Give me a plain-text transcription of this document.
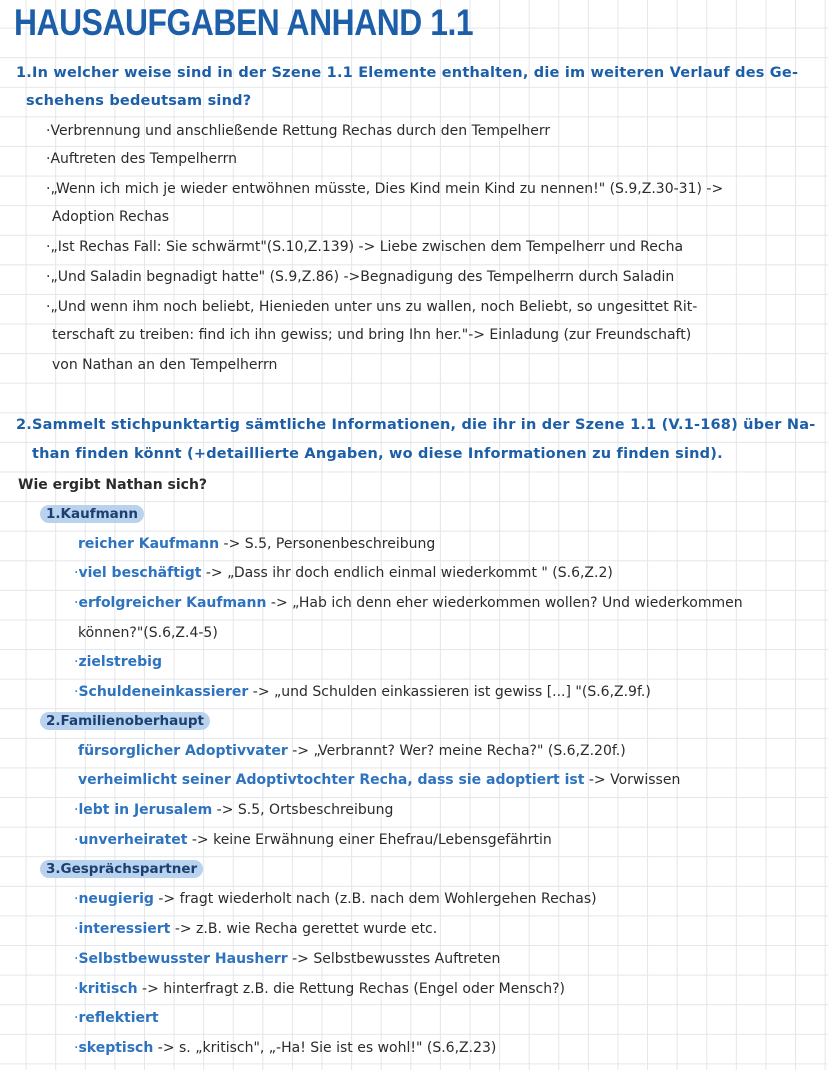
HAUSAUFGABEN ANHAND 1.1
1.In welcher weise sind in der Szene 1.1 Elemente enthalten, die im weiteren Verlauf des Ge-
schehens bedeutsam sind?
·Verbrennung und anschließende Rettung Rechas durch den Tempelherr
·Auftreten des Tempelherrn
·„Wenn ich mich je wieder entwöhnen müsste, Dies Kind mein Kind zu nennen!" (S.9,Z.30-31) ->
Adoption Rechas
·„Ist Rechas Fall: Sie schwärmt"(S.10,Z.139) -> Liebe zwischen dem Tempelherr und Recha
·„Und Saladin begnadigt hatte" (S.9,Z.86) ->Begnadigung des Tempelherrn durch Saladin
·„Und wenn ihm noch beliebt, Hienieden unter uns zu wallen, noch Beliebt, so ungesittet Rit-
terschaft zu treiben: find ich ihn gewiss; und bring Ihn her."-> Einladung (zur Freundschaft)
von Nathan an den Tempelherrn
2.Sammelt stichpunktartig sämtliche Informationen, die ihr in der Szene 1.1 (V.1-168) über Na-
than finden könnt (+detaillierte Angaben, wo diese Informationen zu finden sind).
Wie ergibt Nathan sich?
1.Kaufmann
reicher Kaufmann -> S.5, Personenbeschreibung
·viel beschäftigt -> „Dass ihr doch endlich einmal wiederkommt " (S.6,Z.2)
·erfolgreicher Kaufmann -> „Hab ich denn eher wiederkommen wollen? Und wiederkommen
können?"(S.6,Z.4-5)
·zielstrebig
·Schuldeneinkassierer -> „und Schulden einkassieren ist gewiss [...] "(S.6,Z.9f.)
2.Familienoberhaupt
fürsorglicher Adoptivvater -> „Verbrannt? Wer? meine Recha?" (S.6,Z.20f.)
verheimlicht seiner Adoptivtochter Recha, dass sie adoptiert ist -> Vorwissen
·lebt in Jerusalem -> S.5, Ortsbeschreibung
·unverheiratet -> keine Erwähnung einer Ehefrau/Lebensgefährtin
3.Gesprächspartner
·neugierig -> fragt wiederholt nach (z.B. nach dem Wohlergehen Rechas)
·interessiert -> z.B. wie Recha gerettet wurde etc.
·Selbstbewusster Hausherr -> Selbstbewusstes Auftreten
·kritisch -> hinterfragt z.B. die Rettung Rechas (Engel oder Mensch?)
·reflektiert
·skeptisch -> s. „kritisch", „-Ha! Sie ist es wohl!" (S.6,Z.23)
